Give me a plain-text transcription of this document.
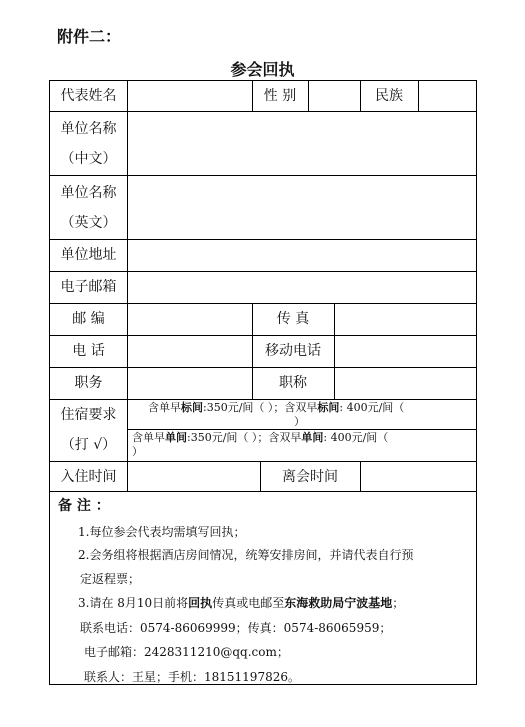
附件二：
参会回执
代表姓名	性 别	民族
单位名称
（中文）
单位名称
（英文）
单位地址
电子邮箱
邮 编	传 真
电 话	移动电话
职务	职称
住宿要求
（打 √）
含单早标间:350元/间（ ）；含双早标间: 400元/间（
）
含单早单间:350元/间（ ）；含双早单间: 400元/间（
）
入住时间	离会时间
备 注 ：
1.每位参会代表均需填写回执；
2.会务组将根据酒店房间情况，统筹安排房间，并请代表自行预
定返程票；
3.请在 8月10日前将回执传真或电邮至东海救助局宁波基地；
联系电话：0574-86069999；传真：0574-86065959；
电子邮箱：2428311210@qq.com；
联系人：王星；手机：18151197826。
